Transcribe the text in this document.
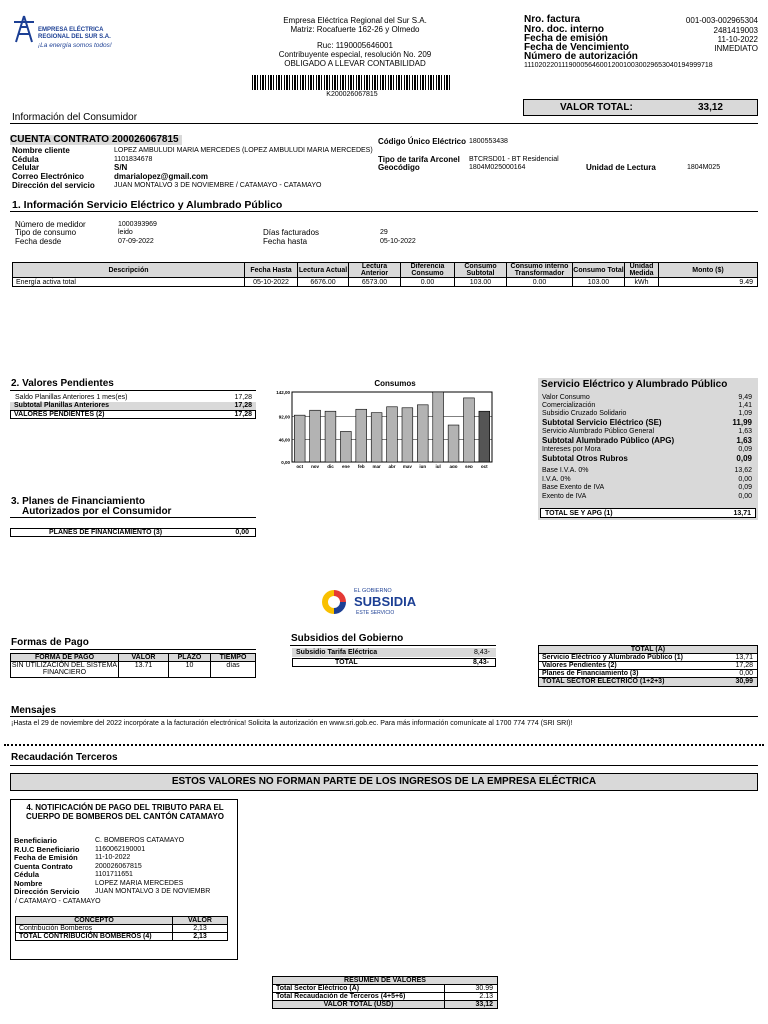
EMPRESA ELÉCTRICA REGIONAL DEL SUR S.A.
¡La energía somos todos!
Empresa Eléctrica Regional del Sur S.A.
Matriz: Rocafuerte 162-26 y Olmedo
Ruc: 1190005646001
Contribuyente especial, resolución No. 209
OBLIGADO A LLEVAR CONTABILIDAD
K200026067815
Nro. factura	001-003-002965304
Nro. doc. interno	2481419003
Fecha de emisión	11-10-2022
Fecha de Vencimiento	INMEDIATO
Número de autorización
1110202201119000564600120010030029653040194999718
VALOR TOTAL:	33,12
Información del Consumidor
CUENTA CONTRATO 200026067815	Código Único Eléctrico 1800553438
Nombre cliente	LOPEZ AMBULUDI MARIA MERCEDES (LOPEZ AMBULUDI MARIA MERCEDES)
Cédula	1101834678	Tipo de tarifa Arconel BTCRSD01 - BT Residencial
Celular	S/N	Geocódigo	1804M025000164	Unidad de Lectura	1804M025
Correo Electrónico	dmarialopez@gmail.com
Dirección del servicio	JUAN MONTALVO 3 DE NOVIEMBRE / CATAMAYO - CATAMAYO
1. Información Servicio Eléctrico y Alumbrado Público
Número de medidor	1000393969
Tipo de consumo	leido	Días facturados	29
Fecha desde	07-09-2022	Fecha hasta	05-10-2022
Descripción	Fecha Hasta	Lectura Actual	Lectura Anterior	Diferencia Consumo	Consumo Subtotal	Consumo interno Transformador	Consumo Total	Unidad Medida	Monto ($)
Energía activa total	05-10-2022	6676.00	6573.00	0.00	103.00	0.00	103.00	kWh	9.49
2. Valores Pendientes
Saldo Planillas Anteriores 1 mes(es)	17,28
Subtotal Planillas Anteriores	17,28
VALORES PENDIENTES (2)	17,28
3. Planes de Financiamiento
Autorizados por el Consumidor
PLANES DE FINANCIAMIENTO (3)	0,00
Consumos
0,00
46,00
92,00
142,00
oct nov dic ene feb mar abr may jun jul ago sep oct
Servicio Eléctrico y Alumbrado Público
Valor Consumo	9,49
Comercialización	1,41
Subsidio Cruzado Solidario	1,09
Subtotal Servicio Eléctrico (SE)	11,99
Servicio Alumbrado Público General	1,63
Subtotal Alumbrado Público (APG)	1,63
Intereses por Mora	0,09
Subtotal Otros Rubros	0,09
Base I.V.A. 0%	13,62
I.V.A. 0%	0,00
Base Exento de IVA	0,09
Exento de IVA	0,00
TOTAL SE Y APG (1)	13,71
EL GOBIERNO
SUBSIDIA
ESTE SERVICIO
Formas de Pago
FORMA DE PAGO	VALOR	PLAZO	TIEMPO
SIN UTILIZACIÓN DEL SISTEMA FINANCIERO	13.71	10	días
Subsidios del Gobierno
Subsidio Tarifa Eléctrica	8,43-
TOTAL	8,43-
TOTAL (A)
Servicio Eléctrico y Alumbrado Público (1)	13,71
Valores Pendientes (2)	17,28
Planes de Financiamiento (3)	0,00
TOTAL SECTOR ELECTRICO (1+2+3)	30,99
Mensajes
¡Hasta el 29 de noviembre del 2022 incorpórate a la facturación electrónica! Solicita la autorización en www.sri.gob.ec. Para más información comunícate al 1700 774 774 (SRI SRI)!
Recaudación Terceros
ESTOS VALORES NO FORMAN PARTE DE LOS INGRESOS DE LA EMPRESA ELÉCTRICA
4. NOTIFICACIÓN DE PAGO DEL TRIBUTO PARA EL CUERPO DE BOMBEROS DEL CANTÓN CATAMAYO
Beneficiario	C. BOMBEROS CATAMAYO
R.U.C Beneficiario 1160062190001
Fecha de Emisión 11-10-2022
Cuenta Contrato	200026067815
Cédula	1101711651
Nombre	LOPEZ MARIA MERCEDES
Dirección Servicio JUAN MONTALVO 3 DE NOVIEMBR
/ CATAMAYO - CATAMAYO
CONCEPTO	VALOR
Contribución Bomberos	2,13
TOTAL CONTRIBUCIÓN BOMBEROS (4)	2,13
RESUMEN DE VALORES	
Total Sector Eléctrico (A)	30.99
Total Recaudación de Terceros (4+5+6)	2.13
VALOR TOTAL (USD)	33,12
